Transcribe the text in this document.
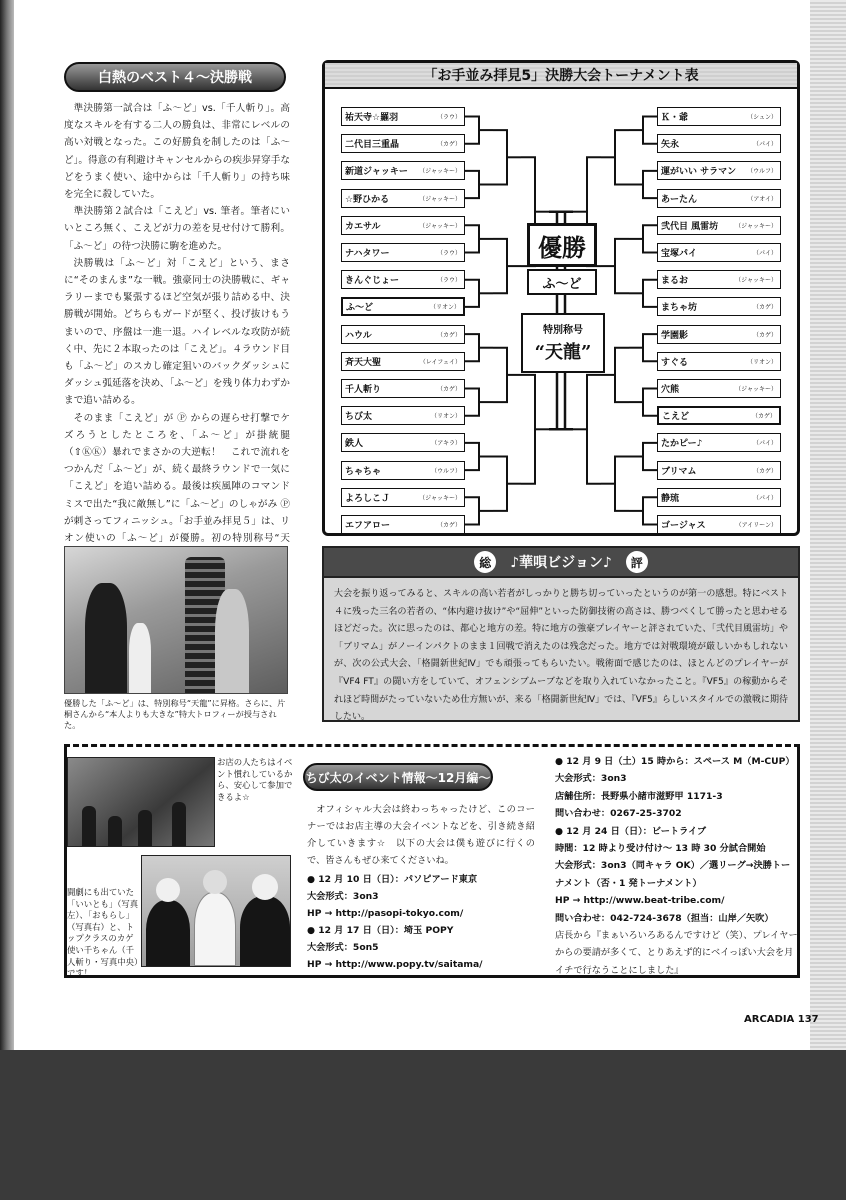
白熱のベスト４〜決勝戦

準決勝第一試合は「ふ〜ど」vs.「千人斬り」。高度なスキルを有する二人の勝負は、非常にレベルの高い対戦となった。この好勝負を制したのは「ふ〜ど」。得意の有利避けキャンセルからの疾歩昇穿手などをうまく使い、途中からは「千人斬り」の持ち味を完全に殺していた。

準決勝第２試合は「こえど」vs. 筆者。筆者にいいところ無く、こえどが力の差を見せ付けて勝利。「ふ〜ど」の待つ決勝に駒を進めた。

決勝戦は「ふ〜ど」対「こえど」という、まさに“そのまんま”な一戦。強豪同士の決勝戦に、ギャラリーまでも緊張するほど空気が張り詰める中、決勝戦が開始。どちらもガードが堅く、投げ抜けもうまいので、序盤は一進一退。ハイレベルな攻防が続く中、先に２本取ったのは「こえど」。４ラウンド目も「ふ〜ど」のスカし確定狙いのバックダッシュにダッシュ弧延落を決め、「ふ〜ど」を残り体力わずかまで追い詰める。

そのまま「こえど」が Ⓟ からの遅らせ打撃でケズろうとしたところを、「ふ〜ど」が掛統腿（⇧ⓀⓀ）暴れでまさかの大逆転！　これで流れをつかんだ「ふ〜ど」が、続く最終ラウンドで一気に「こえど」を追い詰める。最後は疾風陣のコマンドミスで出た“我に敵無し”に「ふ〜ど」のしゃがみ Ⓟ が刺さってフィニッシュ。「お手並み拝見５」は、リオン使いの「ふ〜ど」が優勝。初の特別称号“天

優勝した「ふ〜ど」は、特別称号“天龍”に昇格。さらに、片桐さんから“本人よりも大きな”特大トロフィーが授与された。
「お手並み拝見5」決勝大会トーナメント表
祐天寺☆羅羽	（ラウ）
二代目三重晶	（カゲ）
新道ジャッキー （ジャッキー）
☆野ひかる	（ジャッキー）
カエサル	（ジャッキー）
ナハタワー	（ラウ）
きんぐじょー	（ラウ）
ふ〜ど	（リオン）
ハウル	（カゲ）
斉天大聖	（レイフェイ）
千人斬り	（カゲ）
ちび太	（リオン）
鉄人	（アキラ）
ちゃちゃ	（ウルフ）
よろしこＪ	（ジャッキー）
エフアロー	（カゲ）
Ｋ・爺	（シュン）
矢永	（パイ）
運がいい サラマン （ウルフ）
あーたん	（アオイ）
弐代目 風雷坊	（ジャッキー）
宝塚パイ	（パイ）
まるお	（ジャッキー）
まちゃ坊	（カゲ）
学園影	（カゲ）
すぐる	（リオン）
穴熊	（ジャッキー）
こえど	（カゲ）
たかピー♪	（パイ）
ブリマム	（カゲ）
静琉	（パイ）
ゴージャス	（アイリーン）
優勝
ふ〜ど
特別称号
“天龍”
総	♪華唄ビジョン♪	評
大会を振り返ってみると、スキルの高い若者がしっかりと勝ち切っていったというのが第一の感想。特にベスト４に残った三名の若者の、“体内避け抜け”や“屈伸”といった防御技術の高さは、勝つべくして勝ったと思わせるほどだった。次に思ったのは、都心と地方の差。特に地方の強豪プレイヤーと評されていた、「弐代目風雷坊」や「ブリマム」がノーインパクトのまま１回戦で消えたのは残念だった。地方では対戦環境が厳しいかもしれないが、次の公式大会、「格闘新世紀Ⅳ」でも頑張ってもらいたい。戦術面で感じたのは、ほとんどのプレイヤーが『VF4 FT』の闘い方をしていて、オフェンシブムーブなどを取り入れていなかったこと。『VF5』の稼動からそれほど時間がたっていないため仕方無いが、来る「格闘新世紀Ⅳ」では、『VF5』らしいスタイルでの激戦に期待したい。
お店の人たちはイベント慣れしているから、安心して参加できるよ☆
闘劇にも出ていた「いいとも」（写真左）、「おもらし」（写真右）と、トップクラスのカゲ使い千ちゃん（千人斬り・写真中央）です！
ちび太のイベント情報〜12月編〜
オフィシャル大会は終わっちゃったけど、このコーナーではお店主導の大会イベントなどを、引き続き紹介していきます☆　以下の大会は僕も遊びに行くので、皆さんもぜひ来てくださいね。
● 12 月 10 日（日）：パソピアード東京
大会形式：3on3
HP → http://pasopi-tokyo.com/
● 12 月 17 日（日）：埼玉 POPY
大会形式：5on5
HP → http://www.popy.tv/saitama/
● 12 月 9 日（土）15 時から：スペース M（M-CUP）
大会形式：3on3
店舗住所：長野県小諸市滋野甲 1171-3
問い合わせ：0267-25-3702
● 12 月 24 日（日）：ビートライブ
時間：12 時より受け付け〜 13 時 30 分試合開始
大会形式：3on3（同キャラ OK）／選リーグ→決勝トーナメント（否・1 発トーナメント）
HP → http://www.beat-tribe.com/
問い合わせ：042-724-3678（担当：山岸／矢吹）
店長から『まぁいろいろあるんですけど（笑）、プレイヤーからの要請が多くて、とりあえず的にベイっぽい大会を月イチで行なうことにしました』
ARCADIA 137
